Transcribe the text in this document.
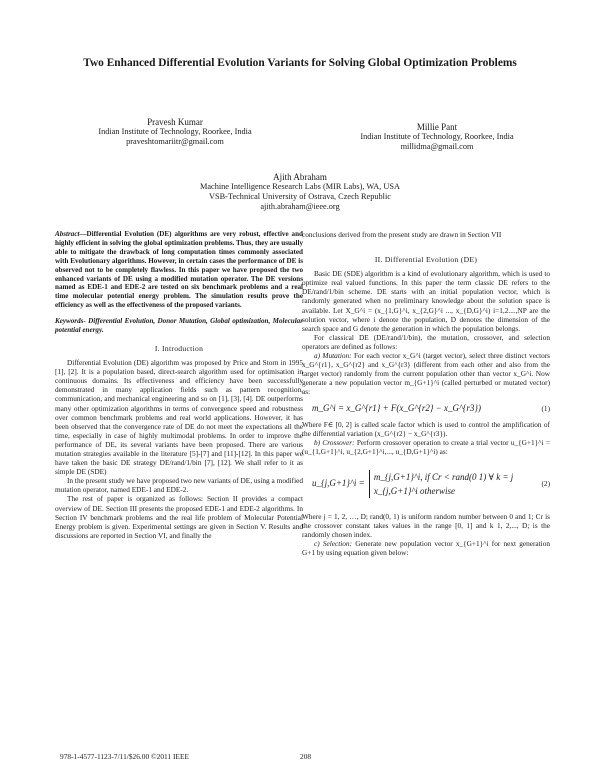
Two Enhanced Differential Evolution Variants for Solving Global Optimization Problems
Pravesh Kumar
Indian Institute of Technology, Roorkee, India
praveshtomariitr@gmail.com
Millie Pant
Indian Institute of Technology, Roorkee, India
millidma@gmail.com
Ajith Abraham
Machine Intelligence Research Labs (MIR Labs), WA, USA
VSB-Technical University of Ostrava, Czech Republic
ajith.abraham@ieee.org

Abstract—Differential Evolution (DE) algorithms are very robust, effective and highly efficient in solving the global optimization problems. Thus, they are usually able to mitigate the drawback of long computation times commonly associated with Evolutionary algorithms. However, in certain cases the performance of DE is observed not to be completely flawless. In this paper we have proposed the two enhanced variants of DE using a modified mutation operator. The DE versions named as EDE-1 and EDE-2 are tested on six benchmark problems and a real time molecular potential energy problem. The simulation results prove the efficiency as well as the effectiveness of the proposed variants.

Keywords- Differential Evolution, Donor Mutation, Global optimization, Molecular potential energy.

I. Introduction

Differential Evolution (DE) algorithm was proposed by Price and Storn in 1995 [1], [2]. It is a population based, direct-search algorithm used for optimisation in continuous domains. Its effectiveness and efficiency have been successfully demonstrated in many application fields such as pattern recognition, communication, and mechanical engineering and so on [1], [3], [4]. DE outperforms many other optimization algorithms in terms of convergence speed and robustness over common benchmark problems and real world applications. However, it has been observed that the convergence rate of DE do not meet the expectations all the time, especially in case of highly multimodal problems. In order to improve the performance of DE, its several variants have been proposed. There are various mutation strategies available in the literature [5]-[7] and [11]-[12]. In this paper we have taken the basic DE strategy DE/rand/1/bin [7], [12]. We shall refer to it as simple DE (SDE)

In the present study we have proposed two new variants of DE, using a modified mutation operator, named EDE-1 and EDE-2.

The rest of paper is organized as follows: Section II provides a compact overview of DE. Section III presents the proposed EDE-1 and EDE-2 algorithms. In Section IV benchmark problems and the real life problem of Molecular Potential Energy problem is given. Experimental settings are given in Section V. Results and discussions are reported in Section VI, and finally the

conclusions derived from the present study are drawn in Section VII

II. Differential Evolution (DE)

Basic DE (SDE) algorithm is a kind of evolutionary algorithm, which is used to optimize real valued functions. In this paper the term classic DE refers to the DE/rand/1/bin scheme. DE starts with an initial population vector, which is randomly generated when no preliminary knowledge about the solution space is available. Let X_G^i = (x_{1,G}^i, x_{2,G}^i ..., x_{D,G}^i) i=1,2....,NP are the solution vector, where i denote the population, D denotes the dimension of the search space and G denote the generation in which the population belongs.

For classical DE (DE/rand/1/bin), the mutation, crossover, and selection operators are defined as follows:

a) Mutation: For each vector x_G^i (target vector), select three distinct vectors x_G^{r1}, x_G^{r2} and x_G^{r3} (different from each other and also from the target vector) randomly from the current population other than vector x_G^i. Now generate a new population vector m_{G+1}^i (called perturbed or mutated vector) as:

m_G^i = x_G^{r1} + F(x_G^{r2} − x_G^{r3})	(1)

Where F∈ [0, 2] is called scale factor which is used to control the amplification of the differential variation (x_G^{r2} − x_G^{r3}).

b) Crossover: Perform crossover operation to create a trial vector u_{G+1}^i =(u_{1,G+1}^i, u_{2,G+1}^i,..., u_{D,G+1}^i) as:

u_{j,G+1}^i = m_{j,G+1}^i, if Cr < rand(0 1) ∀ k = j
x_{j,G+1}^i otherwise
(2)

Where j = 1, 2, …, D; rand(0, 1) is uniform random number between 0 and 1; Cr is the crossover constant takes values in the range [0, 1] and k 1, 2,..., D; is the randomly chosen index.

c) Selection: Generate new population vector x_{G+1}^i for next generation G+1 by using equation given below:

978-1-4577-1123-7/11/$26.00 ©2011 IEEE	208
